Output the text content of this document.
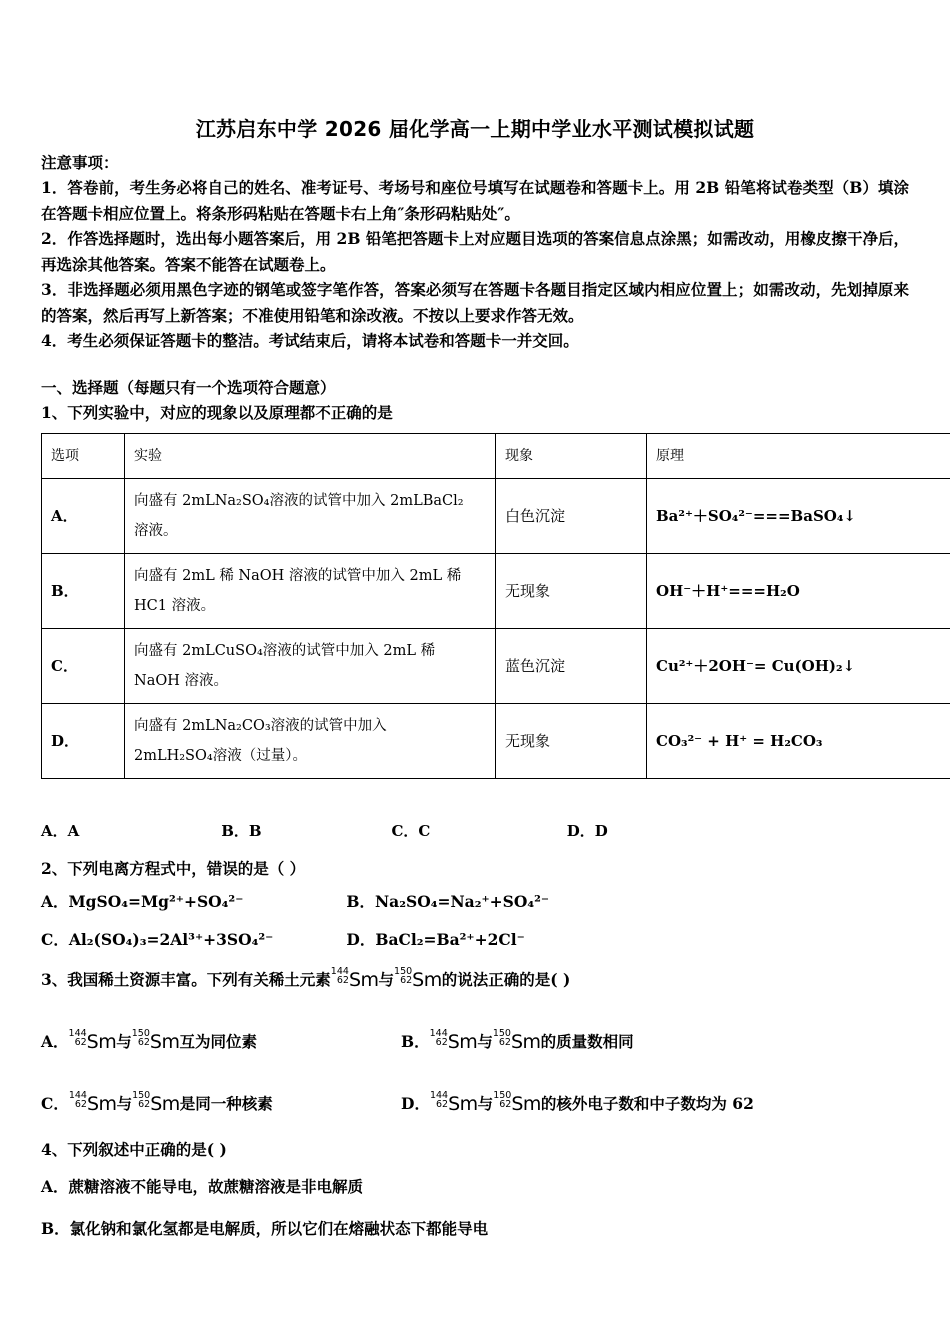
江苏启东中学 2026 届化学高一上期中学业水平测试模拟试题
注意事项：
1．答卷前，考生务必将自己的姓名、准考证号、考场号和座位号填写在试题卷和答题卡上。用 2B 铅笔将试卷类型（B）填涂在答题卡相应位置上。将条形码粘贴在答题卡右上角″条形码粘贴处″。
2．作答选择题时，选出每小题答案后，用 2B 铅笔把答题卡上对应题目选项的答案信息点涂黑；如需改动，用橡皮擦干净后，再选涂其他答案。答案不能答在试题卷上。
3．非选择题必须用黑色字迹的钢笔或签字笔作答，答案必须写在答题卡各题目指定区域内相应位置上；如需改动，先划掉原来的答案，然后再写上新答案；不准使用铅笔和涂改液。不按以上要求作答无效。
4．考生必须保证答题卡的整洁。考试结束后，请将本试卷和答题卡一并交回。
一、选择题（每题只有一个选项符合题意）
1、下列实验中，对应的现象以及原理都不正确的是
选项	实验	现象	原理
A．	向盛有 2mLNa₂SO₄溶液的试管中加入 2mLBaCl₂
溶液。	白色沉淀	Ba²⁺＋SO₄²⁻===BaSO₄↓
B．	向盛有 2mL 稀 NaOH 溶液的试管中加入 2mL 稀
HC1 溶液。	无现象	OH⁻＋H⁺===H₂O
C．	向盛有 2mLCuSO₄溶液的试管中加入 2mL 稀
NaOH 溶液。	蓝色沉淀	Cu²⁺＋2OH⁻= Cu(OH)₂↓
D．	向盛有 2mLNa₂CO₃溶液的试管中加入
2mLH₂SO₄溶液（过量）。	无现象	CO₃²⁻ + H⁺ = H₂CO₃
A．A	B．B	C．C	D．D
2、下列电离方程式中，错误的是（ ）
A．MgSO₄=Mg²⁺+SO₄²⁻	B．Na₂SO₄=Na₂⁺+SO₄²⁻
C．Al₂(SO₄)₃=2Al³⁺+3SO₄²⁻	D．BaCl₂=Ba²⁺+2Cl⁻
3、我国稀土资源丰富。下列有关稀土元素 144
62 Sm与 150
62 Sm的说法正确的是( )
A． 144
62 Sm与 150
62 Sm互为同位素	B． 144
62 Sm与 150
62 Sm的质量数相同
C． 144
62 Sm与 150
62 Sm是同一种核素	D． 144
62 Sm与 150
62 Sm的核外电子数和中子数均为 62
4、下列叙述中正确的是( )
A．蔗糖溶液不能导电，故蔗糖溶液是非电解质
B．氯化钠和氯化氢都是电解质，所以它们在熔融状态下都能导电
